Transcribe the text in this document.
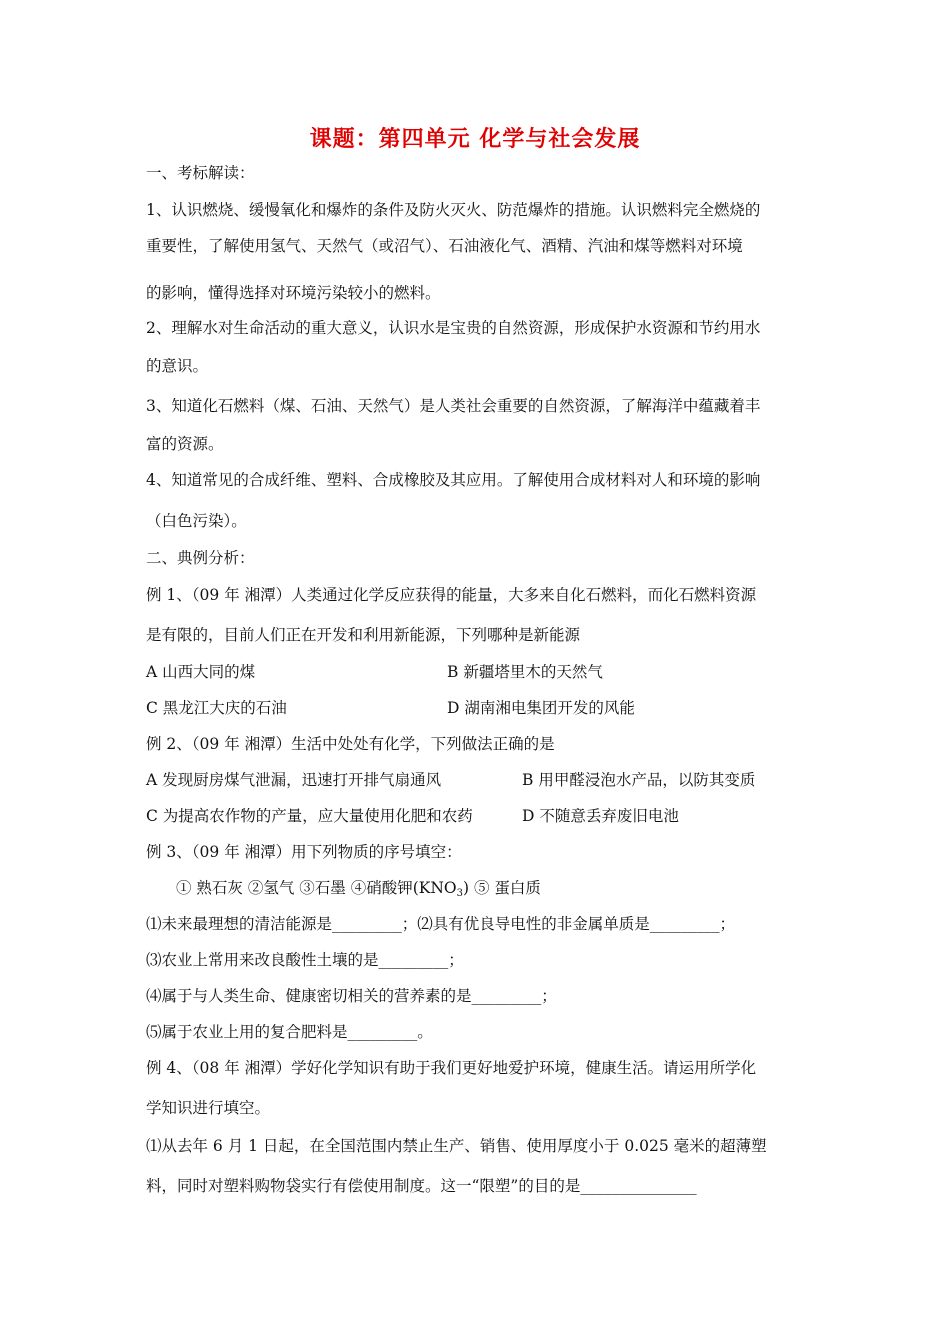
课题：第四单元 化学与社会发展
一、考标解读：
1、认识燃烧、缓慢氧化和爆炸的条件及防火灭火、防范爆炸的措施。认识燃料完全燃烧的
重要性，了解使用氢气、天然气（或沼气）、石油液化气、酒精、汽油和煤等燃料对环境
的影响，懂得选择对环境污染较小的燃料。
2、理解水对生命活动的重大意义，认识水是宝贵的自然资源，形成保护水资源和节约用水
的意识。
3、知道化石燃料（煤、石油、天然气）是人类社会重要的自然资源，了解海洋中蕴藏着丰
富的资源。
4、知道常见的合成纤维、塑料、合成橡胶及其应用。了解使用合成材料对人和环境的影响
（白色污染）。
二、典例分析：
例 1、（09 年 湘潭）人类通过化学反应获得的能量，大多来自化石燃料，而化石燃料资源
是有限的，目前人们正在开发和利用新能源，下列哪种是新能源
A 山西大同的煤	B 新疆塔里木的天然气
C 黑龙江大庆的石油	D 湖南湘电集团开发的风能
例 2、（09 年 湘潭）生活中处处有化学，下列做法正确的是
A 发现厨房煤气泄漏，迅速打开排气扇通风	B 用甲醛浸泡水产品，以防其变质
C 为提高农作物的产量，应大量使用化肥和农药	D 不随意丢弃废旧电池
例 3、（09 年 湘潭）用下列物质的序号填空：
① 熟石灰 ②氢气 ③石墨 ④硝酸钾$(KNO_3)$ ⑤ 蛋白质
⑴未来最理想的清洁能源是_________；⑵具有优良导电性的非金属单质是_________；
⑶农业上常用来改良酸性土壤的是_________；
⑷属于与人类生命、健康密切相关的营养素的是_________；
⑸属于农业上用的复合肥料是_________。
例 4、（08 年 湘潭）学好化学知识有助于我们更好地爱护环境，健康生活。请运用所学化
学知识进行填空。
⑴从去年 6 月 1 日起，在全国范围内禁止生产、销售、使用厚度小于 0.025 毫米的超薄塑
料，同时对塑料购物袋实行有偿使用制度。这一“限塑”的目的是_______________
